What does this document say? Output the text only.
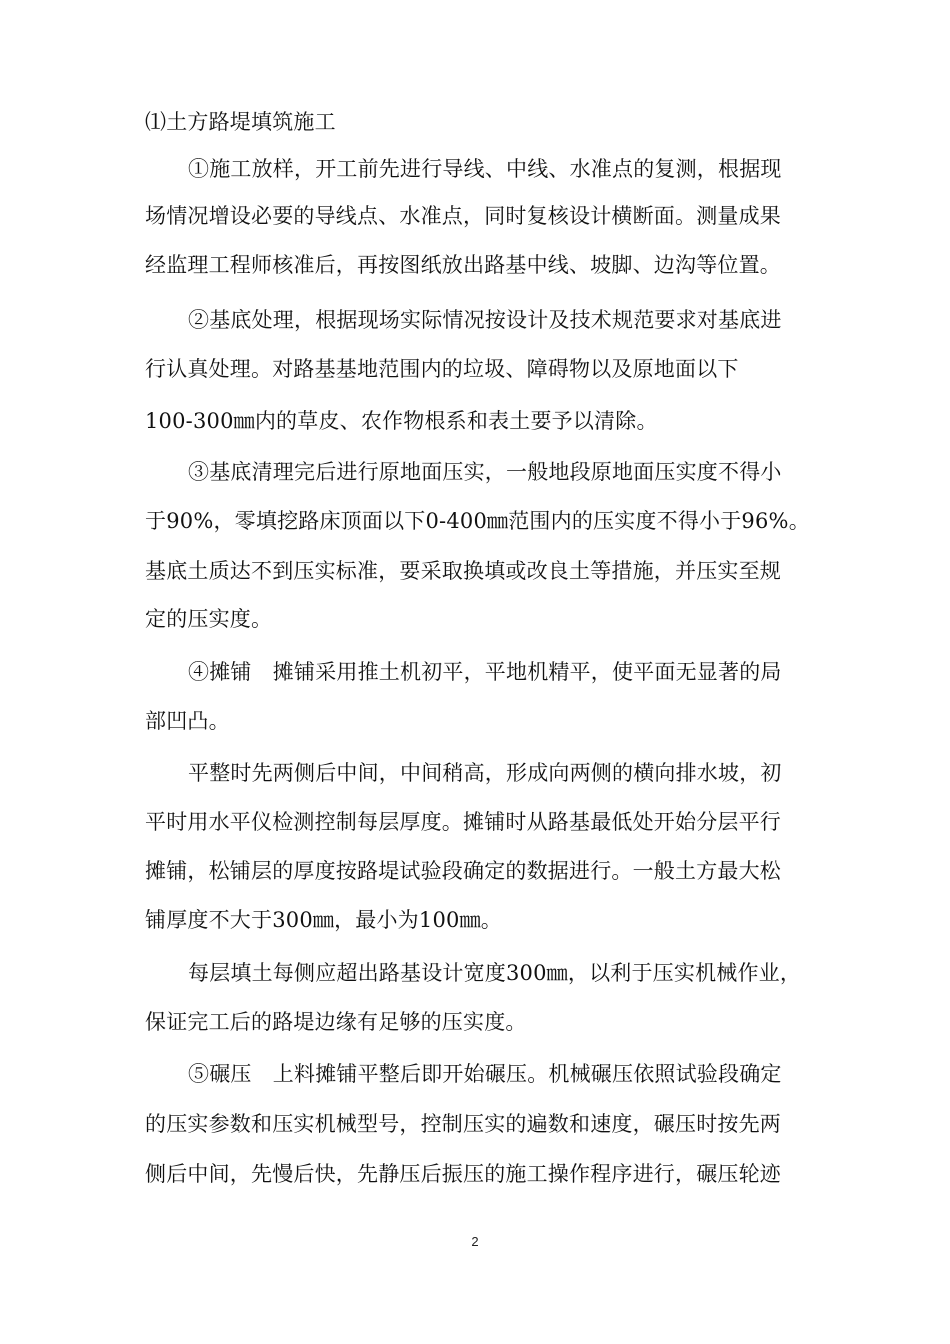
⑴土方路堤填筑施工
①施工放样，开工前先进行导线、中线、水准点的复测，根据现
场情况增设必要的导线点、水准点，同时复核设计横断面。测量成果
经监理工程师核准后，再按图纸放出路基中线、坡脚、边沟等位置。
②基底处理，根据现场实际情况按设计及技术规范要求对基底进
行认真处理。对路基基地范围内的垃圾、障碍物以及原地面以下
100-300㎜内的草皮、农作物根系和表土要予以清除。
③基底清理完后进行原地面压实，一般地段原地面压实度不得小
于90%，零填挖路床顶面以下0-400㎜范围内的压实度不得小于96%。
基底土质达不到压实标准，要采取换填或改良土等措施，并压实至规
定的压实度。
④摊铺　摊铺采用推土机初平，平地机精平，使平面无显著的局
部凹凸。
平整时先两侧后中间，中间稍高，形成向两侧的横向排水坡，初
平时用水平仪检测控制每层厚度。摊铺时从路基最低处开始分层平行
摊铺，松铺层的厚度按路堤试验段确定的数据进行。一般土方最大松
铺厚度不大于300㎜，最小为100㎜。
每层填土每侧应超出路基设计宽度300㎜，以利于压实机械作业，
保证完工后的路堤边缘有足够的压实度。
⑤碾压　上料摊铺平整后即开始碾压。机械碾压依照试验段确定
的压实参数和压实机械型号，控制压实的遍数和速度，碾压时按先两
侧后中间，先慢后快，先静压后振压的施工操作程序进行，碾压轮迹
2
